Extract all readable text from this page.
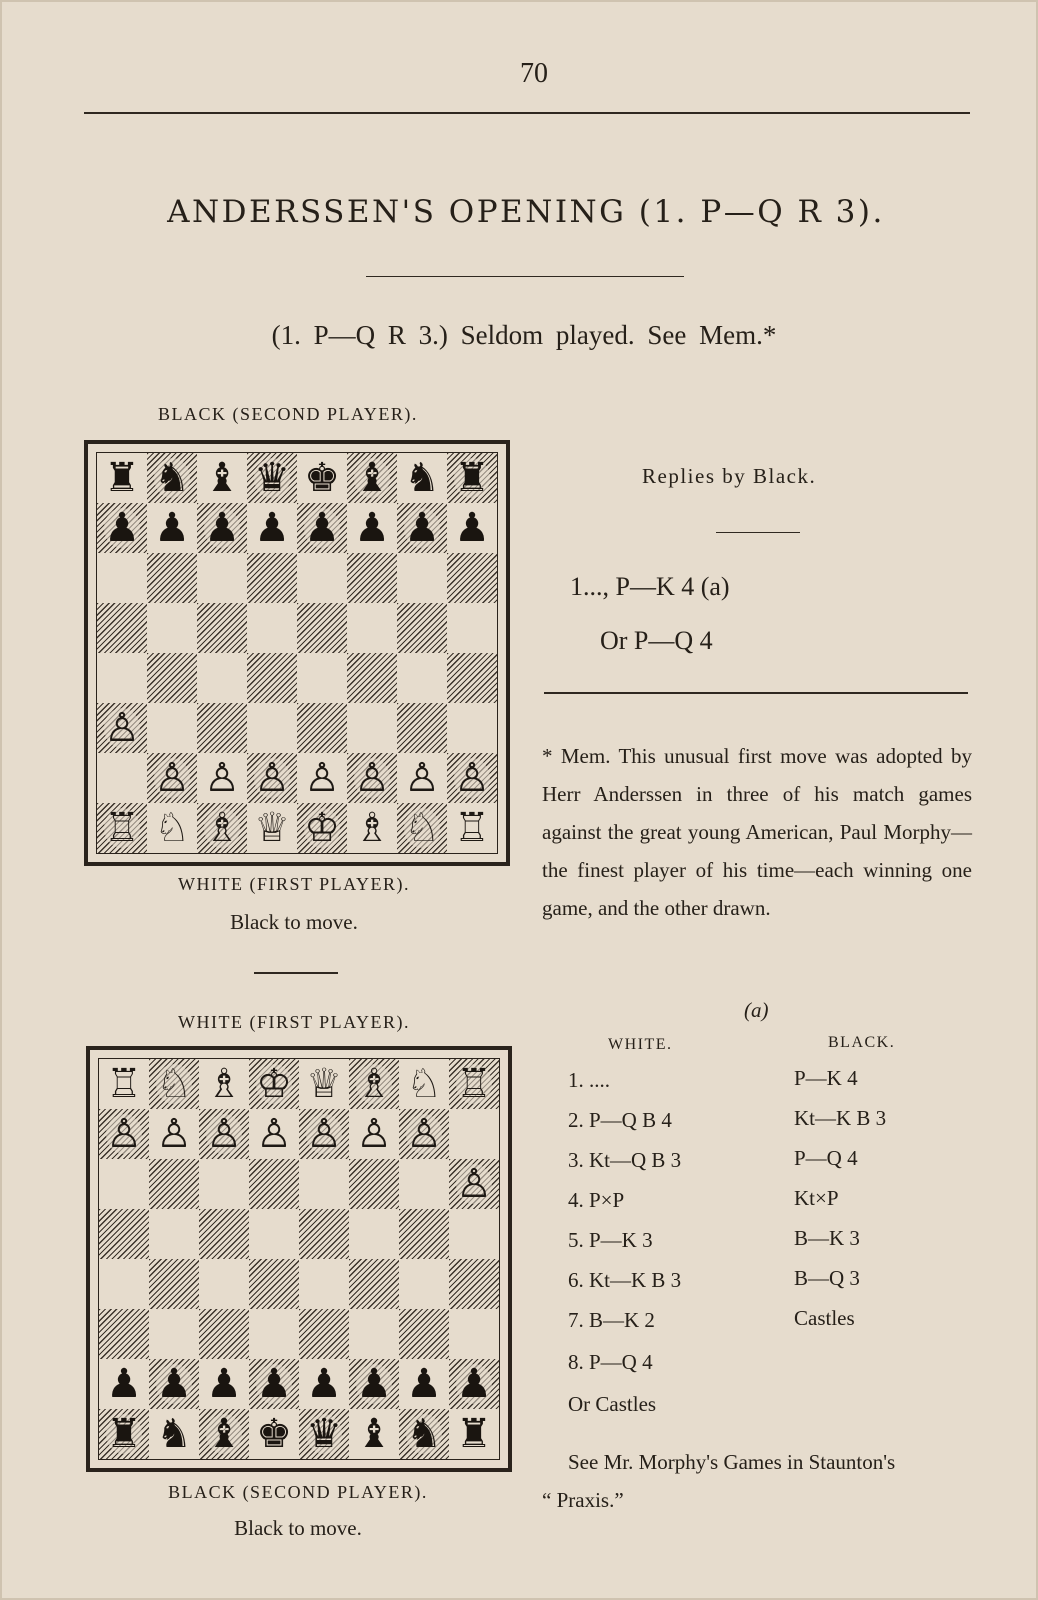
70
ANDERSSEN'S OPENING (1. P—Q R 3).
(1. P—Q R 3.) Seldom played. See Mem.*
BLACK (SECOND PLAYER).
♜ ♞ ♝ ♛ ♚ ♝ ♞ ♜
♟ ♟ ♟ ♟ ♟ ♟ ♟ ♟
♙
♙ ♙ ♙ ♙ ♙ ♙ ♙
♖ ♘ ♗ ♕ ♔ ♗ ♘ ♖
WHITE (FIRST PLAYER).
Black to move.
WHITE (FIRST PLAYER).
♖ ♘ ♗ ♔ ♕ ♗ ♘ ♖
♙ ♙ ♙ ♙ ♙ ♙ ♙
♙
♟ ♟ ♟ ♟ ♟ ♟ ♟ ♟
♜ ♞ ♝ ♚ ♛ ♝ ♞ ♜
BLACK (SECOND PLAYER).
Black to move.
Replies by Black.
1..., P—K 4 (a)
Or P—Q 4
* Mem. This unusual first move was adopted by Herr Anderssen in three of his match games against the great young American, Paul Morphy—the finest player of his time—each winning one game, and the other drawn.
(a)
WHITE.	BLACK.
1. ....	P—K 4
2. P—Q B 4	Kt—K B 3
3. Kt—Q B 3	P—Q 4
4. P×P	Kt×P
5. P—K 3	B—K 3
6. Kt—K B 3	B—Q 3
7. B—K 2	Castles
8. P—Q 4
Or Castles
See Mr. Morphy's Games in Staunton's
“ Praxis.”
